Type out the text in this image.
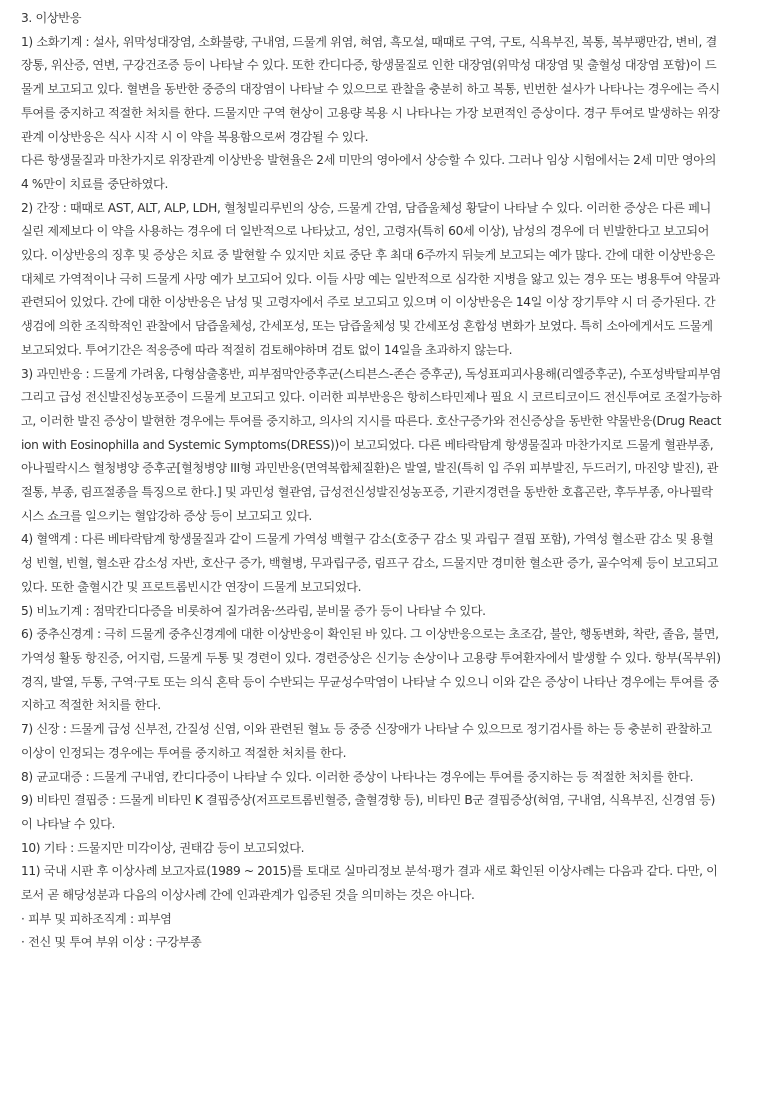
3. 이상반응

1) 소화기계 : 설사, 위막성대장염, 소화불량, 구내염, 드물게 위염, 혀염, 흑모설, 때때로 구역, 구토, 식욕부진, 복통, 복부팽만감, 변비, 결장통, 위산증, 연변, 구강건조증 등이 나타날 수 있다. 또한 칸디다증, 항생물질로 인한 대장염(위막성 대장염 및 출혈성 대장염 포함)이 드물게 보고되고 있다. 혈변을 동반한 중증의 대장염이 나타날 수 있으므로 관찰을 충분히 하고 복통, 빈번한 설사가 나타나는 경우에는 즉시 투여를 중지하고 적절한 처치를 한다. 드물지만 구역 현상이 고용량 복용 시 나타나는 가장 보편적인 증상이다. 경구 투여로 발생하는 위장관계 이상반응은 식사 시작 시 이 약을 복용함으로써 경감될 수 있다.

다른 항생물질과 마찬가지로 위장관계 이상반응 발현율은 2세 미만의 영아에서 상승할 수 있다. 그러나 임상 시험에서는 2세 미만 영아의 4 %만이 치료를 중단하였다.

2) 간장 : 때때로 AST, ALT, ALP, LDH, 혈청빌리루빈의 상승, 드물게 간염, 담즙울체성 황달이 나타날 수 있다. 이러한 증상은 다른 페니실린 제제보다 이 약을 사용하는 경우에 더 일반적으로 나타났고, 성인, 고령자(특히 60세 이상), 남성의 경우에 더 빈발한다고 보고되어 있다. 이상반응의 징후 및 증상은 치료 중 발현할 수 있지만 치료 중단 후 최대 6주까지 뒤늦게 보고되는 예가 많다. 간에 대한 이상반응은 대체로 가역적이나 극히 드물게 사망 예가 보고되어 있다. 이들 사망 예는 일반적으로 심각한 지병을 앓고 있는 경우 또는 병용투여 약물과 관련되어 있었다. 간에 대한 이상반응은 남성 및 고령자에서 주로 보고되고 있으며 이 이상반응은 14일 이상 장기투약 시 더 증가된다. 간생검에 의한 조직학적인 관찰에서 담즙울체성, 간세포성, 또는 담즙울체성 및 간세포성 혼합성 변화가 보였다. 특히 소아에게서도 드물게 보고되었다. 투여기간은 적응증에 따라 적절히 검토해야하며 검토 없이 14일을 초과하지 않는다.

3) 과민반응 : 드물게 가려움, 다형삼출홍반, 피부점막안증후군(스티븐스-존슨 증후군), 독성표피괴사용해(리엘증후군), 수포성박탈피부염 그리고 급성 전신발진성농포증이 드물게 보고되고 있다. 이러한 피부반응은 항히스타민제나 필요 시 코르티코이드 전신투여로 조절가능하고, 이러한 발진 증상이 발현한 경우에는 투여를 중지하고, 의사의 지시를 따른다. 호산구증가와 전신증상을 동반한 약물반응(Drug Reaction with Eosinophilla and Systemic Symptoms(DRESS))이 보고되었다. 다른 베타락탐계 항생물질과 마찬가지로 드물게 혈관부종, 아나필락시스 혈청병양 증후군[혈청병양 III형 과민반응(면역복합체질환)은 발열, 발진(특히 입 주위 피부발진, 두드러기, 마진양 발진), 관절통, 부종, 림프절종을 특징으로 한다.] 및 과민성 혈관염, 급성전신성발진성농포증, 기관지경련을 동반한 호흡곤란, 후두부종, 아나필락시스 쇼크를 일으키는 혈압강하 증상 등이 보고되고 있다.

4) 혈액계 : 다른 베타락탐계 항생물질과 같이 드물게 가역성 백혈구 감소(호중구 감소 및 과립구 결핍 포함), 가역성 혈소판 감소 및 용혈성 빈혈, 빈혈, 혈소판 감소성 자반, 호산구 증가, 백혈병, 무과립구증, 림프구 감소, 드물지만 경미한 혈소판 증가, 골수억제 등이 보고되고 있다. 또한 출혈시간 및 프로트롬빈시간 연장이 드물게 보고되었다.

5) 비뇨기계 : 점막칸디다증을 비롯하여 질가려움·쓰라림, 분비물 증가 등이 나타날 수 있다.

6) 중추신경계 : 극히 드물게 중추신경계에 대한 이상반응이 확인된 바 있다. 그 이상반응으로는 초조감, 불안, 행동변화, 착란, 졸음, 불면, 가역성 활동 항진증, 어지럼, 드물게 두통 및 경련이 있다. 경련증상은 신기능 손상이나 고용량 투여환자에서 발생할 수 있다. 항부(목부위)경직, 발열, 두통, 구역·구토 또는 의식 혼탁 등이 수반되는 무균성수막염이 나타날 수 있으니 이와 같은 증상이 나타난 경우에는 투여를 중지하고 적절한 처치를 한다.

7) 신장 : 드물게 급성 신부전, 간질성 신염, 이와 관련된 혈뇨 등 중증 신장애가 나타날 수 있으므로 정기검사를 하는 등 충분히 관찰하고 이상이 인정되는 경우에는 투여를 중지하고 적절한 처치를 한다.

8) 균교대증 : 드물게 구내염, 칸디다증이 나타날 수 있다. 이러한 증상이 나타나는 경우에는 투여를 중지하는 등 적절한 처치를 한다.

9) 비타민 결핍증 : 드물게 비타민 K 결핍증상(저프로트롬빈혈증, 출혈경향 등), 비타민 B군 결핍증상(혀염, 구내염, 식욕부진, 신경염 등)이 나타날 수 있다.

10) 기타 : 드물지만 미각이상, 권태감 등이 보고되었다.

11) 국내 시판 후 이상사례 보고자료(1989 ~ 2015)를 토대로 실마리정보 분석·평가 결과 새로 확인된 이상사례는 다음과 같다. 다만, 이로서 곧 해당성분과 다음의 이상사례 간에 인과관계가 입증된 것을 의미하는 것은 아니다.

· 피부 및 피하조직계 : 피부염

· 전신 및 투여 부위 이상 : 구강부종
